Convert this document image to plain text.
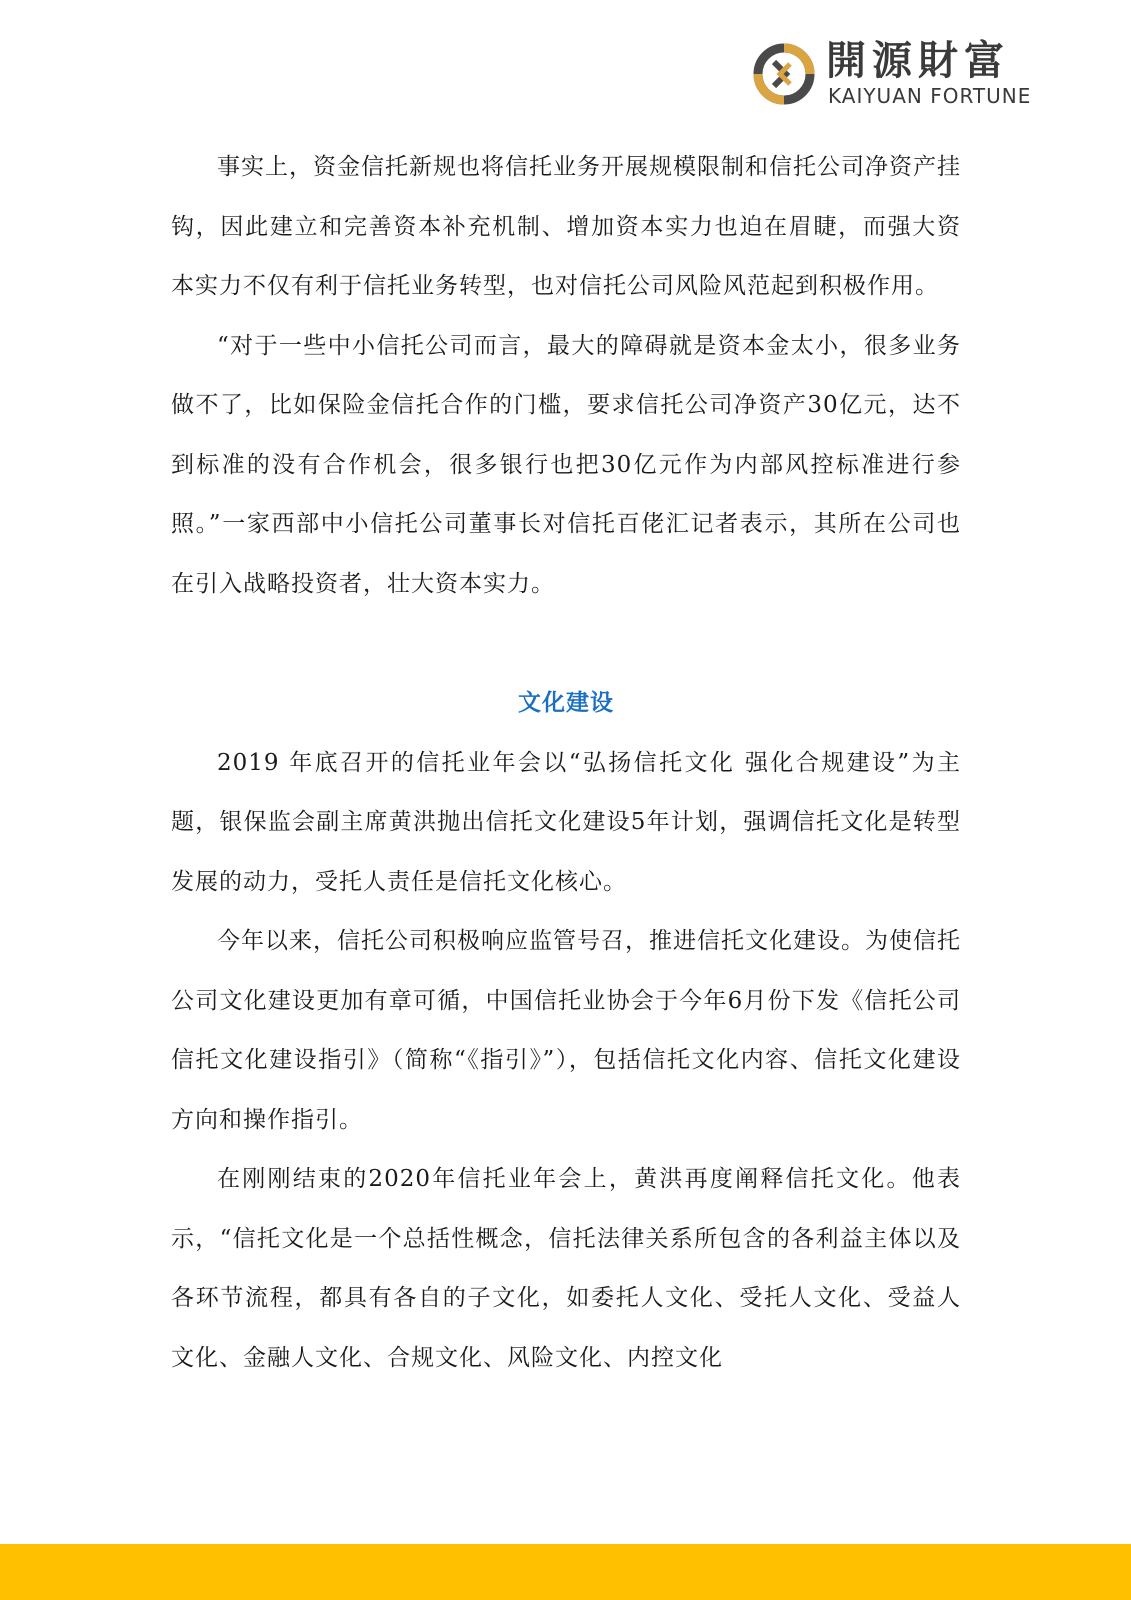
開源財富
KAIYUAN FORTUNE

事实上，资金信托新规也将信托业务开展规模限制和信托公司净资产挂钩，因此建立和完善资本补充机制、增加资本实力也迫在眉睫，而强大资本实力不仅有利于信托业务转型，也对信托公司风险风范起到积极作用。

“对于一些中小信托公司而言，最大的障碍就是资本金太小，很多业务做不了，比如保险金信托合作的门槛，要求信托公司净资产30亿元，达不到标准的没有合作机会，很多银行也把30亿元作为内部风控标准进行参照。”一家西部中小信托公司董事长对信托百佬汇记者表示，其所在公司也在引入战略投资者，壮大资本实力。

文化建设

2019 年底召开的信托业年会以“弘扬信托文化 强化合规建设”为主题，银保监会副主席黄洪抛出信托文化建设5年计划，强调信托文化是转型发展的动力，受托人责任是信托文化核心。

今年以来，信托公司积极响应监管号召，推进信托文化建设。为使信托公司文化建设更加有章可循，中国信托业协会于今年6月份下发《信托公司信托文化建设指引》（简称“《指引》”），包括信托文化内容、信托文化建设方向和操作指引。

在刚刚结束的2020年信托业年会上，黄洪再度阐释信托文化。他表示，“信托文化是一个总括性概念，信托法律关系所包含的各利益主体以及各环节流程，都具有各自的子文化，如委托人文化、受托人文化、受益人文化、金融人文化、合规文化、风险文化、内控文化
